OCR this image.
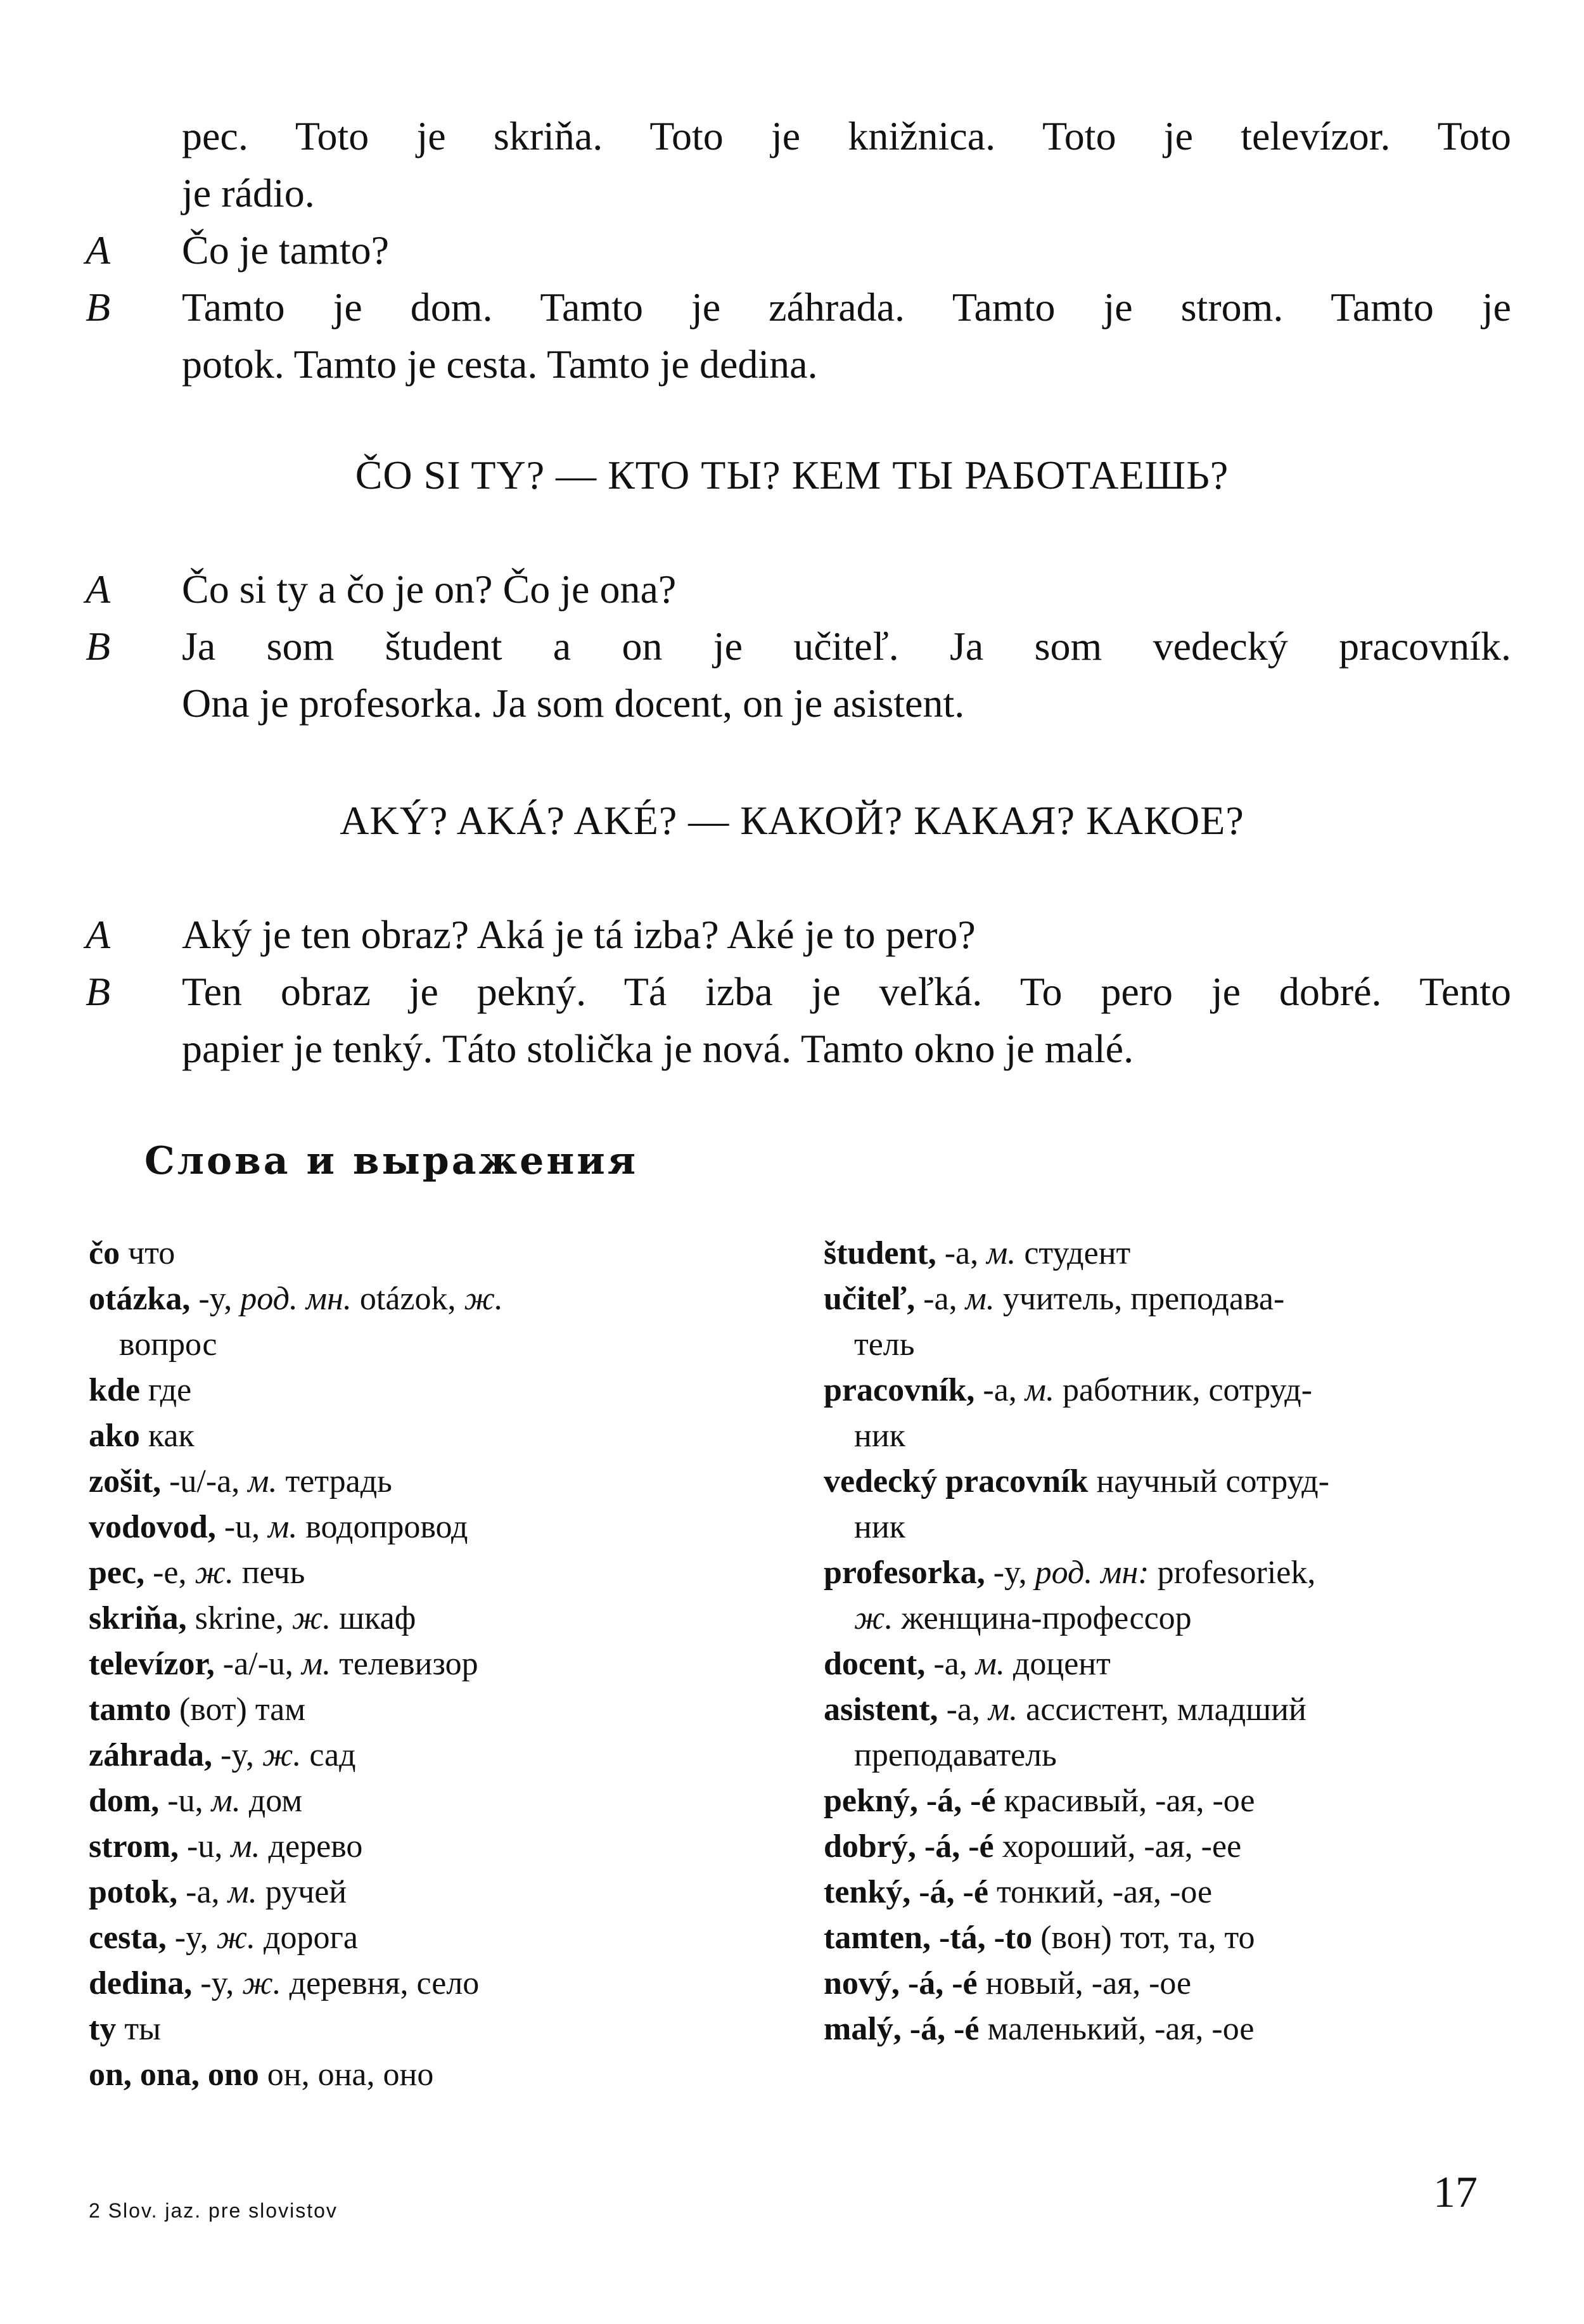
pec. Toto je skriňa. Toto je knižnica. Toto je televízor. Toto
je rádio.
A	Čo je tamto?
B	Tamto je dom. Tamto je záhrada. Tamto je strom. Tamto je
potok. Tamto je cesta. Tamto je dedina.
ČO SI TY? — КТО ТЫ? КЕМ ТЫ РАБОТАЕШЬ?
A	Čo si ty a čo je on? Čo je ona?
B	Ja som študent a on je učiteľ. Ja som vedecký pracovník.
Ona je profesorka. Ja som docent, on je asistent.
AKÝ? AKÁ? AKÉ? — КАКОЙ? КАКАЯ? КАКОЕ?
A	Aký je ten obraz? Aká je tá izba? Aké je to pero?
B	Ten obraz je pekný. Tá izba je veľká. To pero je dobré. Tento
papier je tenký. Táto stolička je nová. Tamto okno je malé.
Слова и выражения
čo что
otázka, -y, род. мн. otázok, ж.
вопрос
kde где
ako как
zošit, -u/-a, м. тетрадь
vodovod, -u, м. водопровод
pec, -e, ж. печь
skriňa, skrine, ж. шкаф
televízor, -a/-u, м. телевизор
tamto (вот) там
záhrada, -y, ж. сад
dom, -u, м. дом
strom, -u, м. дерево
potok, -a, м. ручей
cesta, -y, ж. дорога
dedina, -y, ж. деревня, село
ty ты
on, ona, ono он, она, оно
študent, -a, м. студент
učiteľ, -a, м. учитель, преподава-
тель
pracovník, -a, м. работник, сотруд-
ник
vedecký pracovník научный сотруд-
ник
profesorka, -y, род. мн: profesoriek,
ж. женщина-профессор
docent, -a, м. доцент
asistent, -a, м. ассистент, младший
преподаватель
pekný, -á, -é красивый, -ая, -ое
dobrý, -á, -é хороший, -ая, -ее
tenký, -á, -é тонкий, -ая, -ое
tamten, -tá, -to (вон) тот, та, то
nový, -á, -é новый, -ая, -ое
malý, -á, -é маленький, -ая, -ое
2 Slov. jaz. pre slovistov	17
